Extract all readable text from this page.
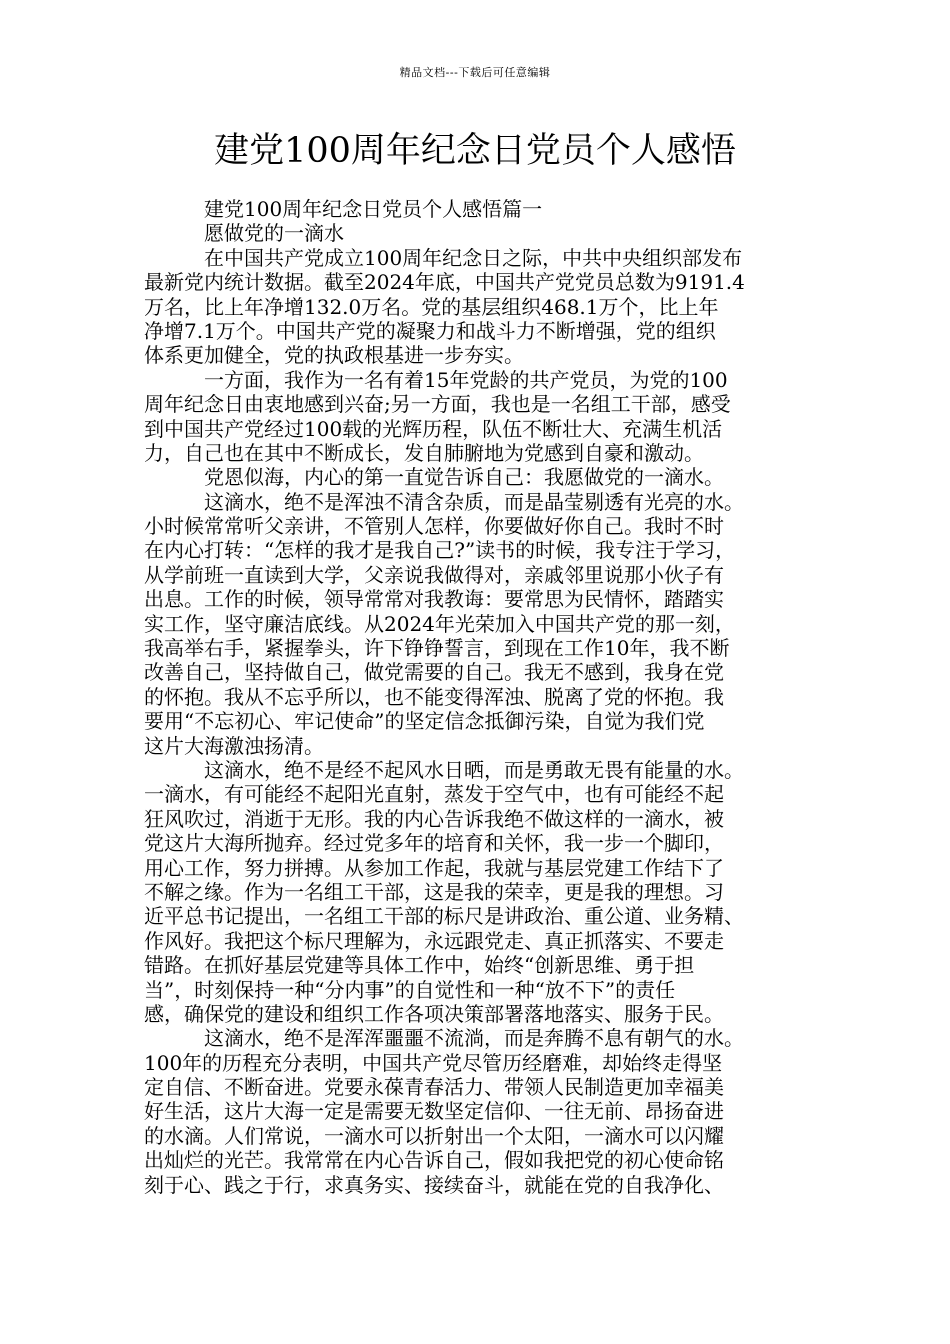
精品文档---下载后可任意编辑
建党100周年纪念日党员个人感悟
　　　建党100周年纪念日党员个人感悟篇一
　　　愿做党的一滴水
　　　在中国共产党成立100周年纪念日之际，中共中央组织部发布
最新党内统计数据。截至2024年底，中国共产党党员总数为9191.4
万名，比上年净增132.0万名。党的基层组织468.1万个，比上年
净增7.1万个。中国共产党的凝聚力和战斗力不断增强，党的组织
体系更加健全，党的执政根基进一步夯实。
　　　一方面，我作为一名有着15年党龄的共产党员，为党的100
周年纪念日由衷地感到兴奋;另一方面，我也是一名组工干部，感受
到中国共产党经过100载的光辉历程，队伍不断壮大、充满生机活
力，自己也在其中不断成长，发自肺腑地为党感到自豪和激动。
　　　党恩似海，内心的第一直觉告诉自己：我愿做党的一滴水。
　　　这滴水，绝不是浑浊不清含杂质，而是晶莹剔透有光亮的水。
小时候常常听父亲讲，不管别人怎样，你要做好你自己。我时不时
在内心打转：“怎样的我才是我自己?”读书的时候，我专注于学习，
从学前班一直读到大学，父亲说我做得对，亲戚邻里说那小伙子有
出息。工作的时候，领导常常对我教诲：要常思为民情怀，踏踏实
实工作，坚守廉洁底线。从2024年光荣加入中国共产党的那一刻，
我高举右手，紧握拳头，许下铮铮誓言，到现在工作10年，我不断
改善自己，坚持做自己，做党需要的自己。我无不感到，我身在党
的怀抱。我从不忘乎所以，也不能变得浑浊、脱离了党的怀抱。我
要用“不忘初心、牢记使命”的坚定信念抵御污染，自觉为我们党
这片大海激浊扬清。
　　　这滴水，绝不是经不起风水日晒，而是勇敢无畏有能量的水。
一滴水，有可能经不起阳光直射，蒸发于空气中，也有可能经不起
狂风吹过，消逝于无形。我的内心告诉我绝不做这样的一滴水，被
党这片大海所抛弃。经过党多年的培育和关怀，我一步一个脚印，
用心工作，努力拼搏。从参加工作起，我就与基层党建工作结下了
不解之缘。作为一名组工干部，这是我的荣幸，更是我的理想。习
近平总书记提出，一名组工干部的标尺是讲政治、重公道、业务精、
作风好。我把这个标尺理解为，永远跟党走、真正抓落实、不要走
错路。在抓好基层党建等具体工作中，始终“创新思维、勇于担
当”，时刻保持一种“分内事”的自觉性和一种“放不下”的责任
感，确保党的建设和组织工作各项决策部署落地落实、服务于民。
　　　这滴水，绝不是浑浑噩噩不流淌，而是奔腾不息有朝气的水。
100年的历程充分表明，中国共产党尽管历经磨难，却始终走得坚
定自信、不断奋进。党要永葆青春活力、带领人民制造更加幸福美
好生活，这片大海一定是需要无数坚定信仰、一往无前、昂扬奋进
的水滴。人们常说，一滴水可以折射出一个太阳，一滴水可以闪耀
出灿烂的光芒。我常常在内心告诉自己，假如我把党的初心使命铭
刻于心、践之于行，求真务实、接续奋斗，就能在党的自我净化、
